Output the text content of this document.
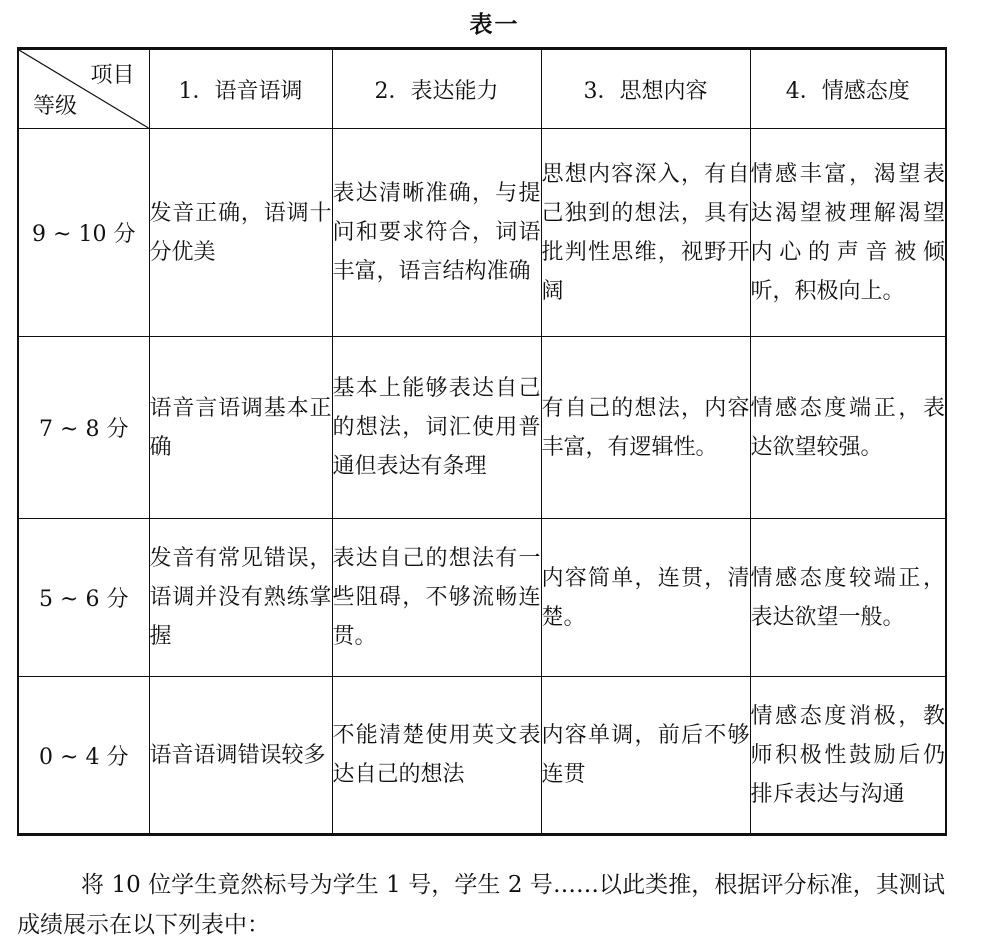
表一
项目
等级	1．语音语调	2．表达能力	3．思想内容	4．情感态度
9 ~ 10 分	发音正确，语调十分优美	表达清晰准确，与提问和要求符合，词语丰富，语言结构准确	思想内容深入，有自己独到的想法，具有批判性思维，视野开阔	情感丰富，渴望表达渴望被理解渴望内心的声音被倾听，积极向上。
7 ~ 8 分	语音言语调基本正确	基本上能够表达自己的想法，词汇使用普通但表达有条理	有自己的想法，内容丰富，有逻辑性。	情感态度端正，表达欲望较强。
5 ~ 6 分	发音有常见错误，语调并没有熟练掌握	表达自己的想法有一些阻碍，不够流畅连贯。	内容简单，连贯，清楚。	情感态度较端正，表达欲望一般。
0 ~ 4 分	语音语调错误较多	不能清楚使用英文表达自己的想法	内容单调，前后不够连贯	情感态度消极，教师积极性鼓励后仍排斥表达与沟通

将 10 位学生竟然标号为学生 1 号，学生 2 号……以此类推，根据评分标准，其测试成绩展示在以下列表中：
